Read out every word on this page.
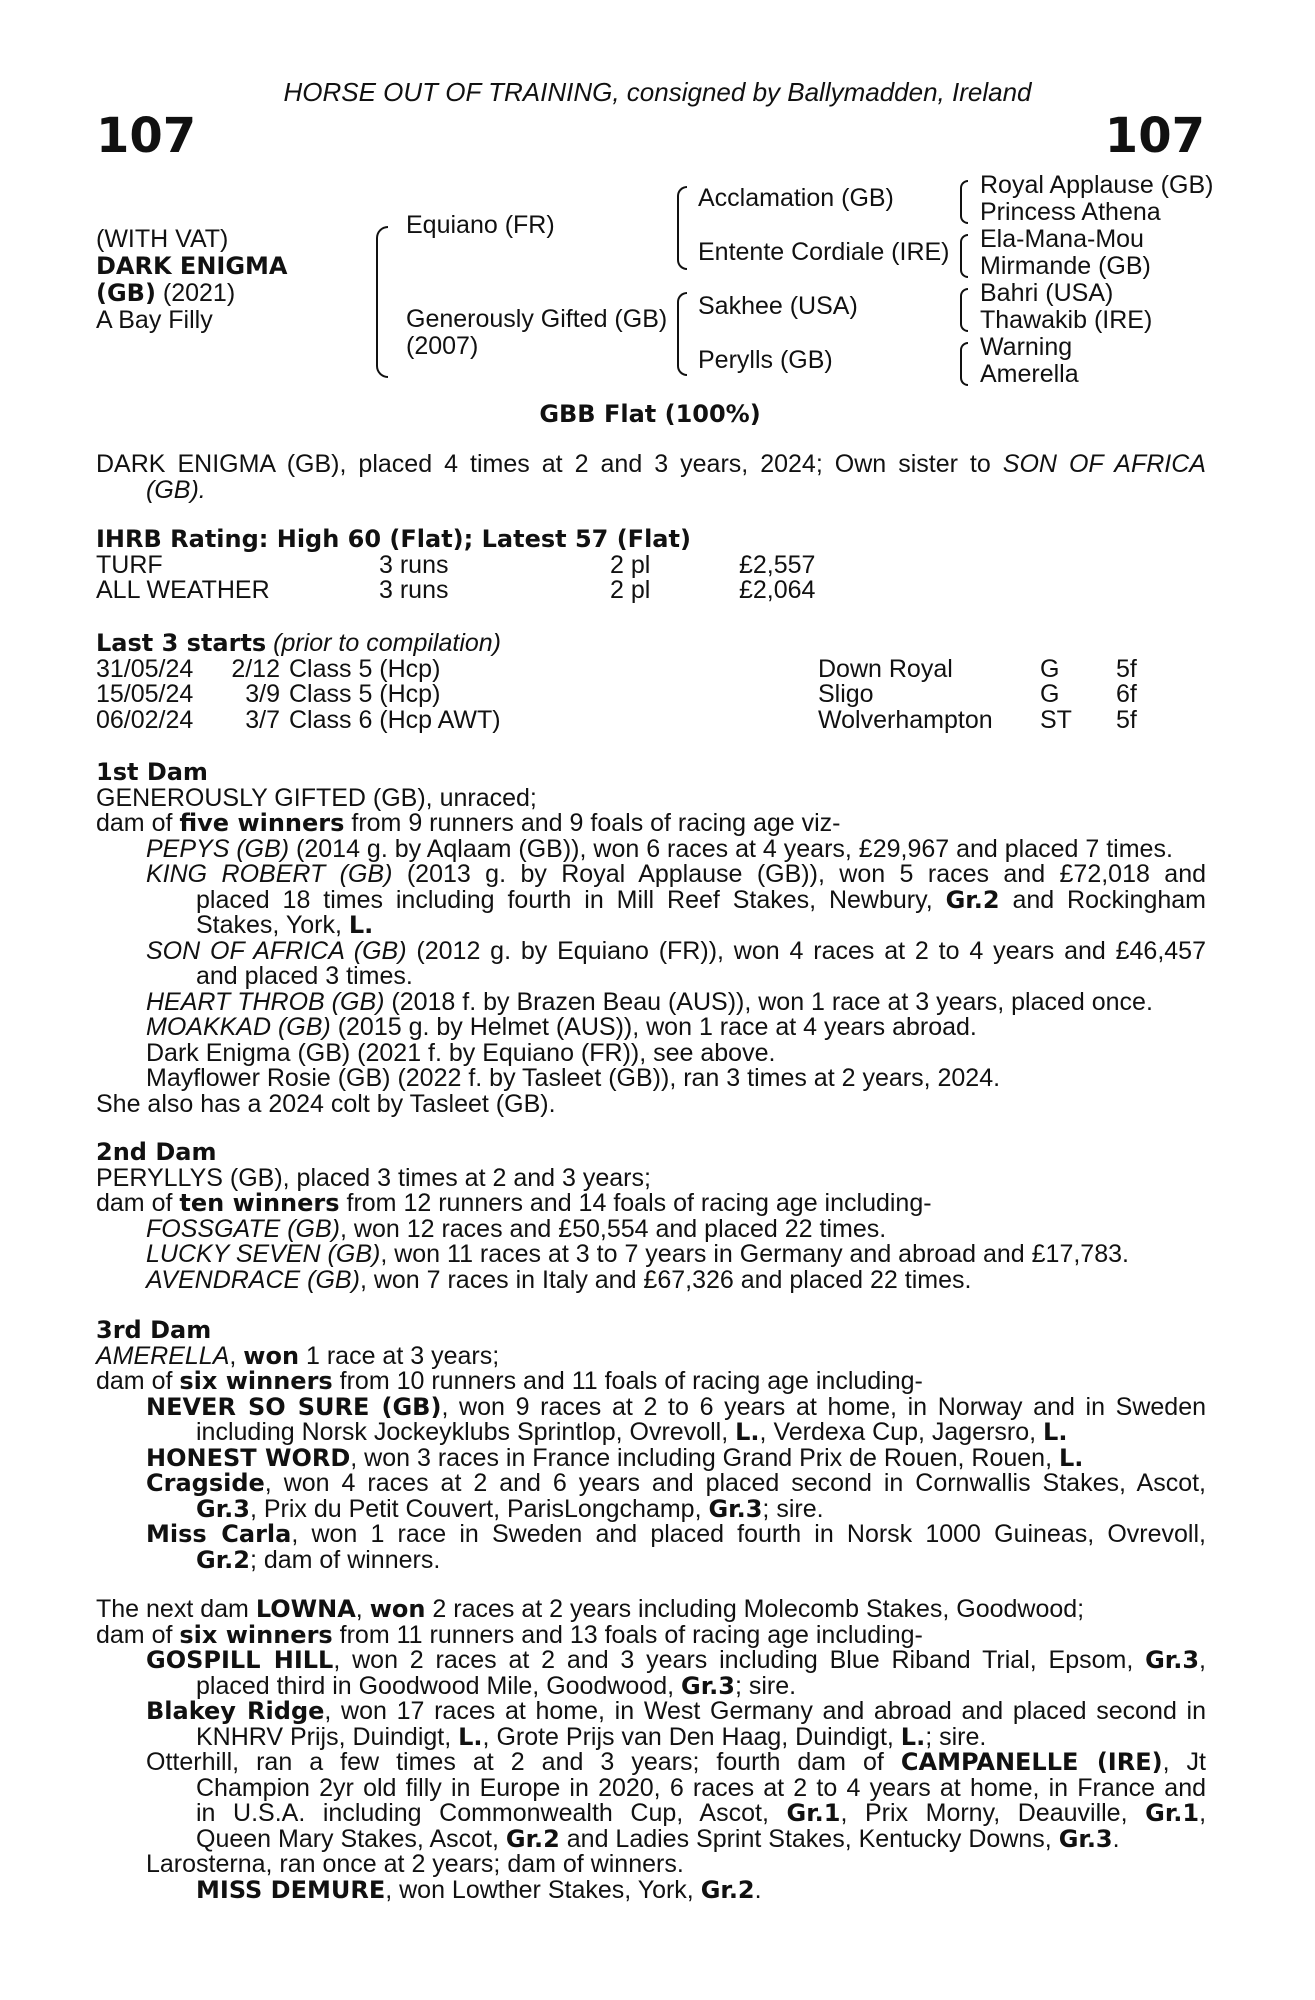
HORSE OUT OF TRAINING, consigned by Ballymadden, Ireland
107	107
(WITH VAT)
DARK ENIGMA
(GB) (2021)
A Bay Filly
Equiano (FR)
Generously Gifted (GB)
(2007)
Acclamation (GB)
Entente Cordiale (IRE)
Sakhee (USA)
Perylls (GB)
Royal Applause (GB)
Princess Athena
Ela-Mana-Mou
Mirmande (GB)
Bahri (USA)
Thawakib (IRE)
Warning
Amerella
GBB Flat (100%)
DARK ENIGMA (GB), placed 4 times at 2 and 3 years, 2024; Own sister to SON OF AFRICA
(GB).
IHRB Rating: High 60 (Flat); Latest 57 (Flat)
TURF	3 runs	2 pl	£2,557
ALL WEATHER	3 runs	2 pl	£2,064
Last 3 starts (prior to compilation)
31/05/24	2/12 Class 5 (Hcp)	Down Royal	G 5f
15/05/24	3/9 Class 5 (Hcp)	Sligo	G 6f
06/02/24	3/7 Class 6 (Hcp AWT)	Wolverhampton ST 5f
1st Dam
GENEROUSLY GIFTED (GB), unraced;
dam of five winners from 9 runners and 9 foals of racing age viz-
PEPYS (GB) (2014 g. by Aqlaam (GB)), won 6 races at 4 years, £29,967 and placed 7 times.
KING ROBERT (GB) (2013 g. by Royal Applause (GB)), won 5 races and £72,018 and
placed 18 times including fourth in Mill Reef Stakes, Newbury, Gr.2 and Rockingham
Stakes, York, L.
SON OF AFRICA (GB) (2012 g. by Equiano (FR)), won 4 races at 2 to 4 years and £46,457
and placed 3 times.
HEART THROB (GB) (2018 f. by Brazen Beau (AUS)), won 1 race at 3 years, placed once.
MOAKKAD (GB) (2015 g. by Helmet (AUS)), won 1 race at 4 years abroad.
Dark Enigma (GB) (2021 f. by Equiano (FR)), see above.
Mayflower Rosie (GB) (2022 f. by Tasleet (GB)), ran 3 times at 2 years, 2024.
She also has a 2024 colt by Tasleet (GB).
2nd Dam
PERYLLYS (GB), placed 3 times at 2 and 3 years;
dam of ten winners from 12 runners and 14 foals of racing age including-
FOSSGATE (GB), won 12 races and £50,554 and placed 22 times.
LUCKY SEVEN (GB), won 11 races at 3 to 7 years in Germany and abroad and £17,783.
AVENDRACE (GB), won 7 races in Italy and £67,326 and placed 22 times.
3rd Dam
AMERELLA, won 1 race at 3 years;
dam of six winners from 10 runners and 11 foals of racing age including-
NEVER SO SURE (GB), won 9 races at 2 to 6 years at home, in Norway and in Sweden
including Norsk Jockeyklubs Sprintlop, Ovrevoll, L., Verdexa Cup, Jagersro, L.
HONEST WORD, won 3 races in France including Grand Prix de Rouen, Rouen, L.
Cragside, won 4 races at 2 and 6 years and placed second in Cornwallis Stakes, Ascot,
Gr.3, Prix du Petit Couvert, ParisLongchamp, Gr.3; sire.
Miss Carla, won 1 race in Sweden and placed fourth in Norsk 1000 Guineas, Ovrevoll,
Gr.2; dam of winners.
The next dam LOWNA, won 2 races at 2 years including Molecomb Stakes, Goodwood;
dam of six winners from 11 runners and 13 foals of racing age including-
GOSPILL HILL, won 2 races at 2 and 3 years including Blue Riband Trial, Epsom, Gr.3,
placed third in Goodwood Mile, Goodwood, Gr.3; sire.
Blakey Ridge, won 17 races at home, in West Germany and abroad and placed second in
KNHRV Prijs, Duindigt, L., Grote Prijs van Den Haag, Duindigt, L.; sire.
Otterhill, ran a few times at 2 and 3 years; fourth dam of CAMPANELLE (IRE), Jt
Champion 2yr old filly in Europe in 2020, 6 races at 2 to 4 years at home, in France and
in U.S.A. including Commonwealth Cup, Ascot, Gr.1, Prix Morny, Deauville, Gr.1,
Queen Mary Stakes, Ascot, Gr.2 and Ladies Sprint Stakes, Kentucky Downs, Gr.3.
Larosterna, ran once at 2 years; dam of winners.
MISS DEMURE, won Lowther Stakes, York, Gr.2.
